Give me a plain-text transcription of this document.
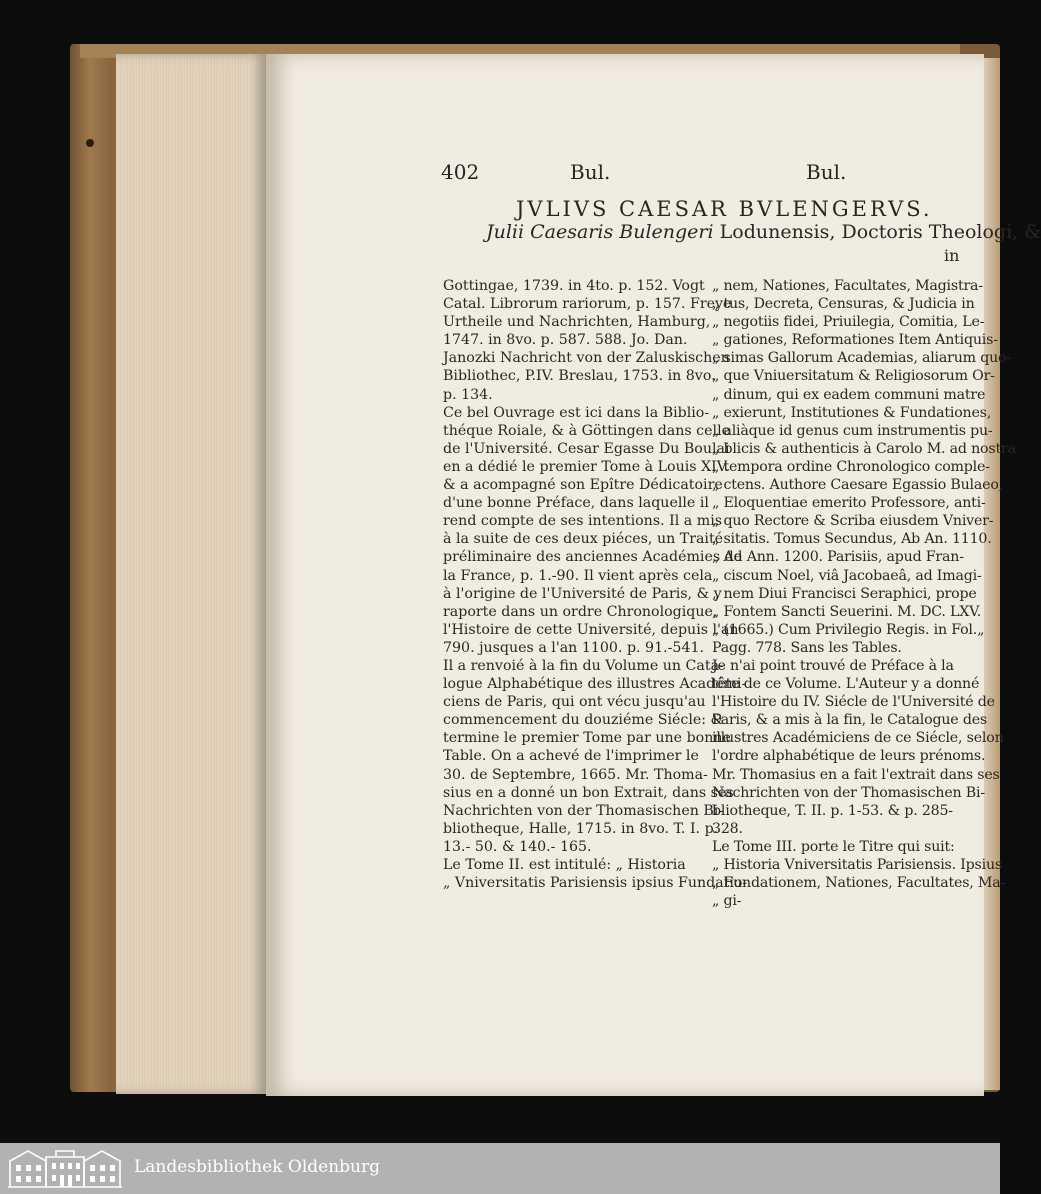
402	Bul.	Bul.
JVLIVS CAESAR BVLENGERVS.
Julii Caesaris Bulengeri Lodunensis, Doctoris Theologi, &
in
Gottingae, 1739. in 4to. p. 152. Vogt
Catal. Librorum rariorum, p. 157. Freye
Urtheile und Nachrichten, Hamburg,
1747. in 8vo. p. 587. 588. Jo. Dan.
Janozki Nachricht von der Zaluskischen
Bibliothec, P.IV. Breslau, 1753. in 8vo.
p. 134.
Ce bel Ouvrage est ici dans la Biblio-
théque Roiale, & à Göttingen dans celle
de l'Université. Cesar Egasse Du Boulai
en a dédié le premier Tome à Louis XIV.
& a acompagné son Epître Dédicatoire
d'une bonne Préface, dans laquelle il
rend compte de ses intentions. Il a mis
à la suite de ces deux piéces, un Traité
préliminaire des anciennes Académies de
la France, p. 1.-90. Il vient après cela
à l'origine de l'Université de Paris, & y
raporte dans un ordre Chronologique,
l'Histoire de cette Université, depuis l'an
790. jusques a l'an 1100. p. 91.-541.
Il a renvoié à la fin du Volume un Cata-
logue Alphabétique des illustres Académi-
ciens de Paris, qui ont vécu jusqu'au
commencement du douziéme Siécle: &
termine le premier Tome par une bonne
Table. On a achevé de l'imprimer le
30. de Septembre, 1665. Mr. Thoma-
sius en a donné un bon Extrait, dans ses
Nachrichten von der Thomasischen Bi-
bliotheque, Halle, 1715. in 8vo. T. I. p.
13.- 50. & 140.- 165.
Le Tome II. est intitulé: „ Historia
„ Vniversitatis Parisiensis ipsius Fundatio-
„ nem, Nationes, Facultates, Magistra-
„ tus, Decreta, Censuras, & Judicia in
„ negotiis fidei, Priuilegia, Comitia, Le-
„ gationes, Reformationes Item Antiquis-
„ simas Gallorum Academias, aliarum quo-
„ que Vniuersitatum & Religiosorum Or-
„ dinum, qui ex eadem communi matre
„ exierunt, Institutiones & Fundationes,
„ aliàque id genus cum instrumentis pu-
„ blicis & authenticis à Carolo M. ad nostra
„ tempora ordine Chronologico comple-
„ ctens. Authore Caesare Egassio Bulaeo,
„ Eloquentiae emerito Professore, anti-
„ quo Rectore & Scriba eiusdem Vniver-
„ sitatis. Tomus Secundus, Ab An. 1110.
„ Ad Ann. 1200. Parisiis, apud Fran-
„ ciscum Noel, viâ Jacobaeâ, ad Imagi-
„ nem Diui Francisci Seraphici, prope
„ Fontem Sancti Seuerini. M. DC. LXV.
„ (1665.) Cum Privilegio Regis. in Fol.„
Pagg. 778. Sans les Tables.
Je n'ai point trouvé de Préface à la
tête de ce Volume. L'Auteur y a donné
l'Histoire du IV. Siécle de l'Université de
Paris, & a mis à la fin, le Catalogue des
illustres Académiciens de ce Siécle, selon
l'ordre alphabétique de leurs prénoms.
Mr. Thomasius en a fait l'extrait dans ses
Nachrichten von der Thomasischen Bi-
bliotheque, T. II. p. 1-53. & p. 285-
328.
Le Tome III. porte le Titre qui suit:
„ Historia Vniversitatis Parisiensis. Ipsius
„ Fundationem, Nationes, Facultates, Ma-
„ gi-
Landesbibliothek Oldenburg
